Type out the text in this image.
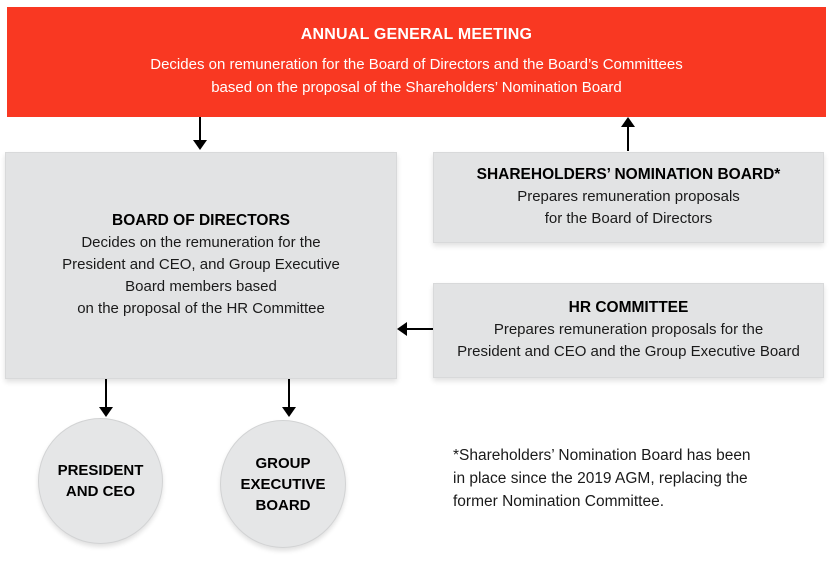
ANNUAL GENERAL MEETING
Decides on remuneration for the Board of Directors and the Board’s Committees
based on the proposal of the Shareholders’ Nomination Board
BOARD OF DIRECTORS
Decides on the remuneration for the
President and CEO, and Group Executive
Board members based
on the proposal of the HR Committee
SHAREHOLDERS’ NOMINATION BOARD*
Prepares remuneration proposals
for the Board of Directors
HR COMMITTEE
Prepares remuneration proposals for the
President and CEO and the Group Executive Board
PRESIDENT
AND CEO
GROUP
EXECUTIVE
BOARD
*Shareholders’ Nomination Board has been
in place since the 2019 AGM, replacing the
former Nomination Committee.
